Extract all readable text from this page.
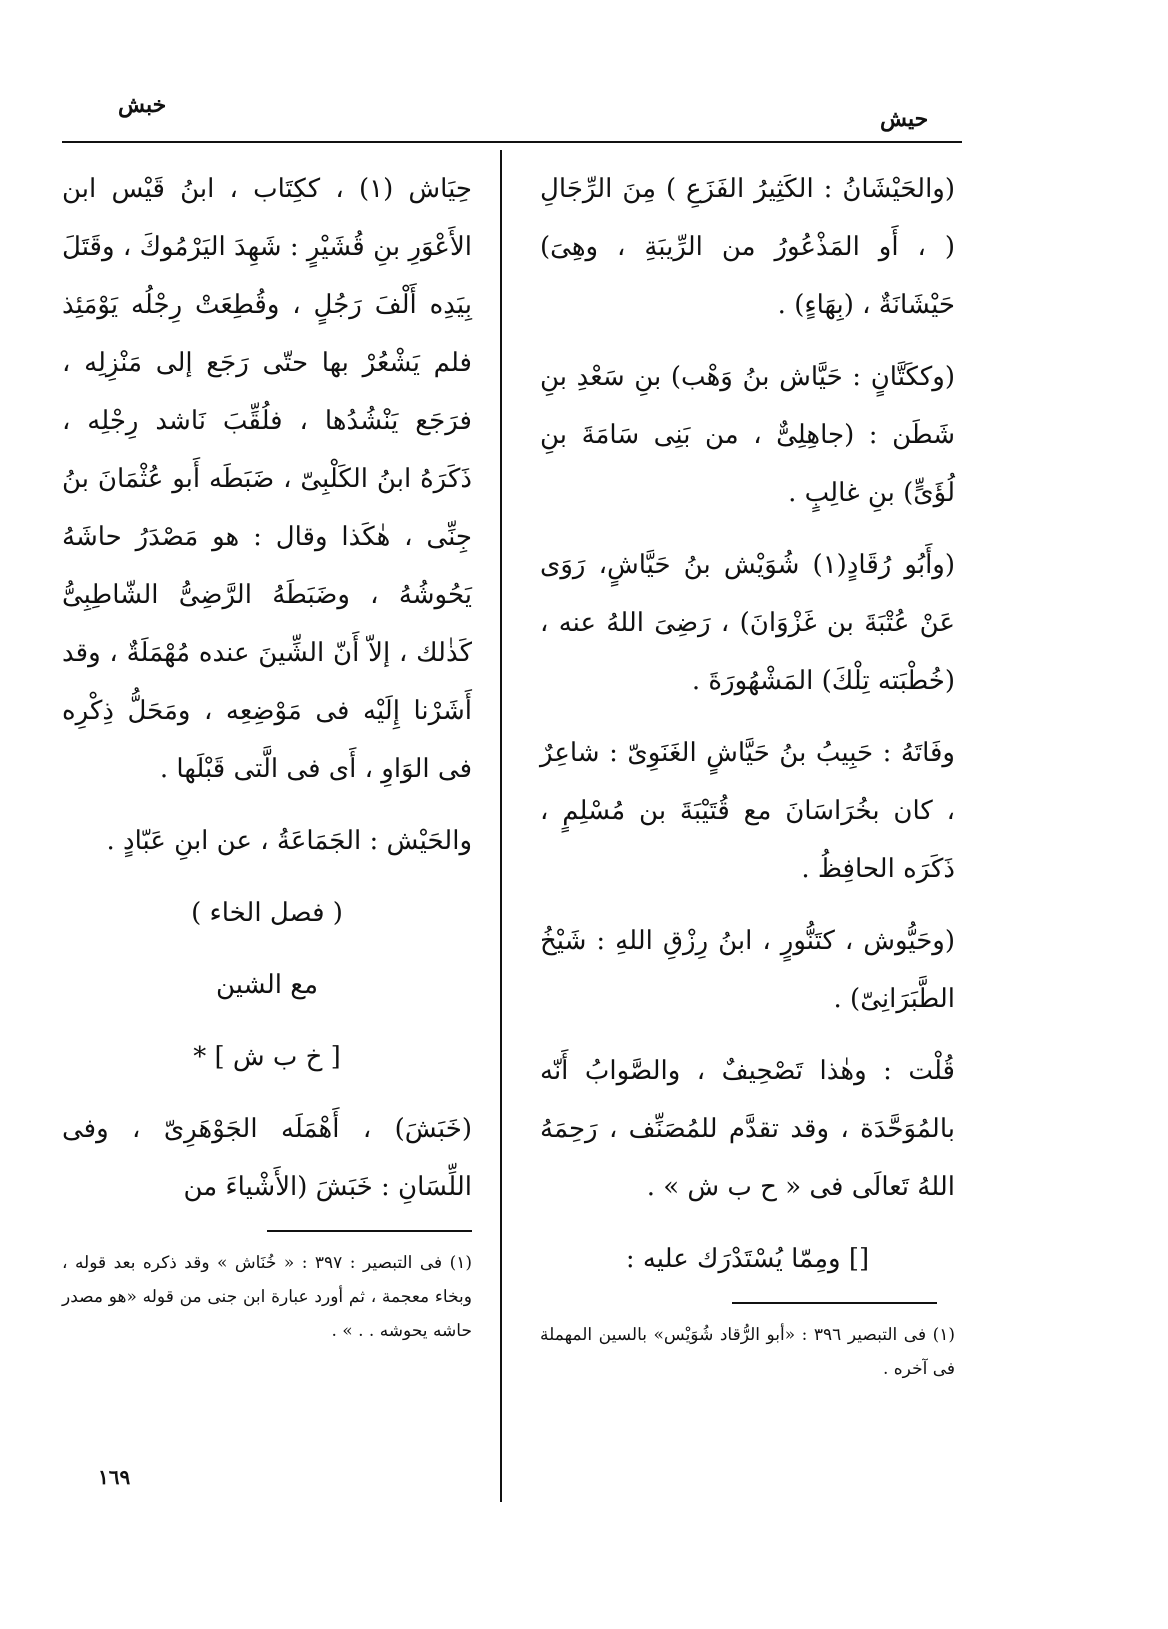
خبش
حيش

(والحَيْشَانُ : الكَثِيرُ الفَزَعِ ) مِنَ الرِّجَالِ ( ، أَو المَذْعُورُ من الرِّيبَةِ ، وهِىَ) حَيْشَانَةٌ ، (بِهَاءٍ) .

(وككَتَّانٍ : حَيَّاش بنُ وَهْب) بنِ سَعْدِ بنِ شَطَن : (جاهِلِىٌّ ، من بَنِى سَامَةَ بنِ لُؤَىٍّ) بنِ غالِبٍ .

(وأَبُو رُقَادٍ(١) شُوَيْش بنُ حَيَّاشٍ، رَوَى عَنْ عُتْبَةَ بن غَزْوَانَ) ، رَضِىَ اللهُ عنه ، (خُطْبَته تِلْكَ) المَشْهُورَةَ .

وفَاتَهُ : حَبِيبُ بنُ حَيَّاشٍ الغَنَوِىّ : شاعِرٌ ، كان بخُرَاسَانَ مع قُتَيْبَةَ بن مُسْلِمٍ ، ذَكَرَه الحافِظُ .

(وحَيُّوش ، كتَنُّورٍ ، ابنُ رِزْقِ اللهِ : شَيْخُ الطَّبَرَانِىّ) .

قُلْت : وهٰذا تَصْحِيفٌ ، والصَّوابُ أَنّه بالمُوَحَّدَة ، وقد تقدَّم للمُصَنِّف ، رَحِمَهُ اللهُ تَعالَى فى « ح ب ش » .

[] ومِمّا يُسْتَدْرَك عليه :

(١) فى التبصير ٣٩٦ : «أبو الرُّقاد شُوَيْس» بالسين المهملة فى آخره .

حِيَاش (١) ، ككِتَاب ، ابنُ قَيْس ابن الأَعْوَرِ بنِ قُشَيْرٍ : شَهِدَ اليَرْمُوكَ ، وقَتَلَ بِيَدِه أَلْفَ رَجُلٍ ، وقُطِعَتْ رِجْلُه يَوْمَئِذ فلم يَشْعُرْ بها حتّى رَجَع إلى مَنْزِلِه ، فرَجَع يَنْشُدُها ، فلُقِّبَ نَاشد رِجْلِه ، ذَكَرَهُ ابنُ الكَلْبِىّ ، ضَبَطَه أَبو عُثْمَانَ بنُ جِنِّى ، هٰكَذا وقال : هو مَصْدَرُ حاشَهُ يَحُوشُهُ ، وضَبَطَهُ الرَّضِىُّ الشّاطِبِىُّ كَذٰلك ، إلاّ أَنّ الشِّينَ عنده مُهْمَلَةٌ ، وقد أَشَرْنا إِلَيْه فى مَوْضِعِه ، ومَحَلُّ ذِكْرِه فى الوَاوِ ، أَى فى الَّتى قَبْلَها .

والحَيْش : الجَمَاعَةُ ، عن ابنِ عَبّادٍ .

( فصل الخاء )

مع الشين

[ خ ب ش ] *

(خَبَشَ) ، أَهْمَلَه الجَوْهَرِىّ ، وفى اللِّسَانِ : خَبَشَ (الأَشْياءَ من

(١) فى التبصير : ٣٩٧ : « خُنَاش » وقد ذكره بعد قوله ، وبخاء معجمة ، ثم أورد عبارة ابن جنى من قوله «هو مصدر حاشه يحوشه . . » .

١٦٩
